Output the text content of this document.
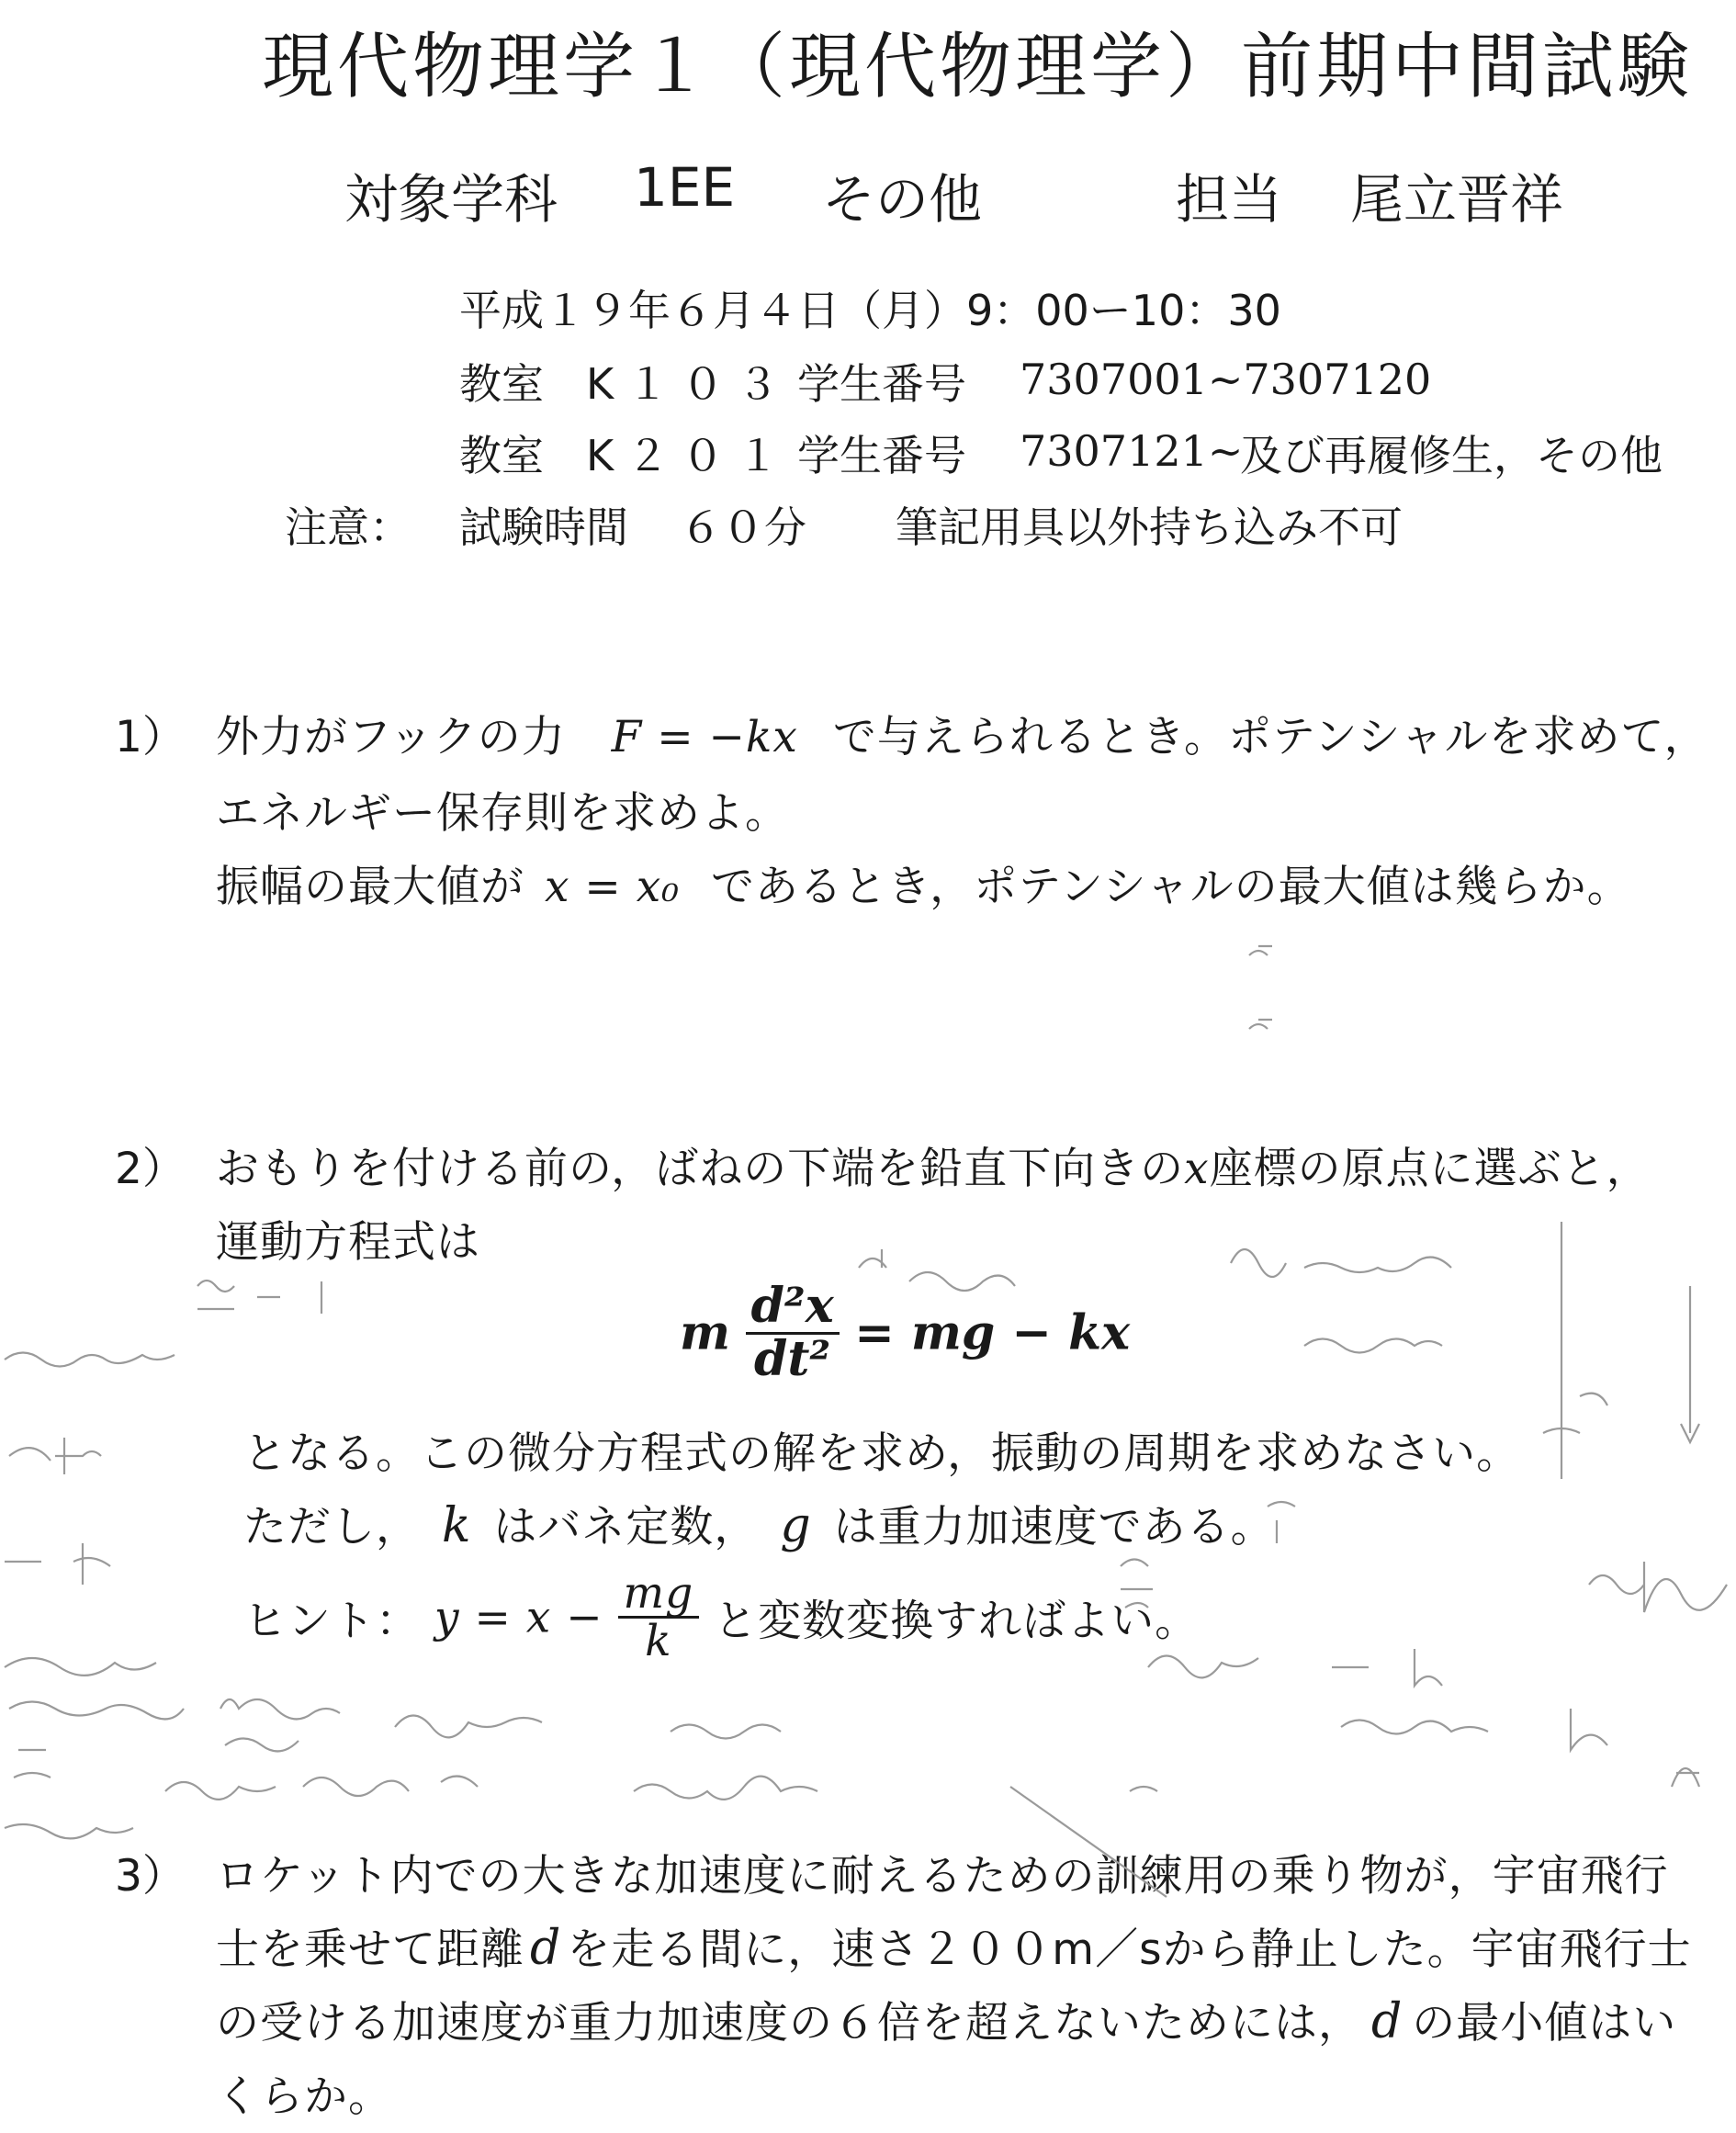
現代物理学１（現代物理学）前期中間試験
対象学科 1EE その他	担当 尾立晋祥
平成１９年６月４日（月）9：00ー10：30
教室 K１０３ 学生番号 7307001~7307120
教室 K２０１ 学生番号 7307121~
及び再履修生，その他
注意： 試験時間 ６０分 筆記用具以外持ち込み不可
1） 外力がフックの力 F = −kx で与えられるとき。ポテンシャルを求めて，
エネルギー保存則を求めよ。
振幅の最大値が x = x₀ であるとき，ポテンシャルの最大値は幾らか。
2） おもりを付ける前の，ばねの下端を鉛直下向きのx座標の原点に選ぶと，
運動方程式は
m $\frac{\text{d²x}}{\text{dt²}}$ = mg − kx
となる。この微分方程式の解を求め，振動の周期を求めなさい。
ただし， k はバネ定数， g は重力加速度である。
ヒント： $y = x - \frac{mg}{k}$ と変数変換すればよい。
3） ロケット内での大きな加速度に耐えるための訓練用の乗り物が，宇宙飛行
士を乗せて距離 d を走る間に，速さ２００m／sから静止した。宇宙飛行士
の受ける加速度が重力加速度の６倍を超えないためには， d の最小値はい
くらか。
